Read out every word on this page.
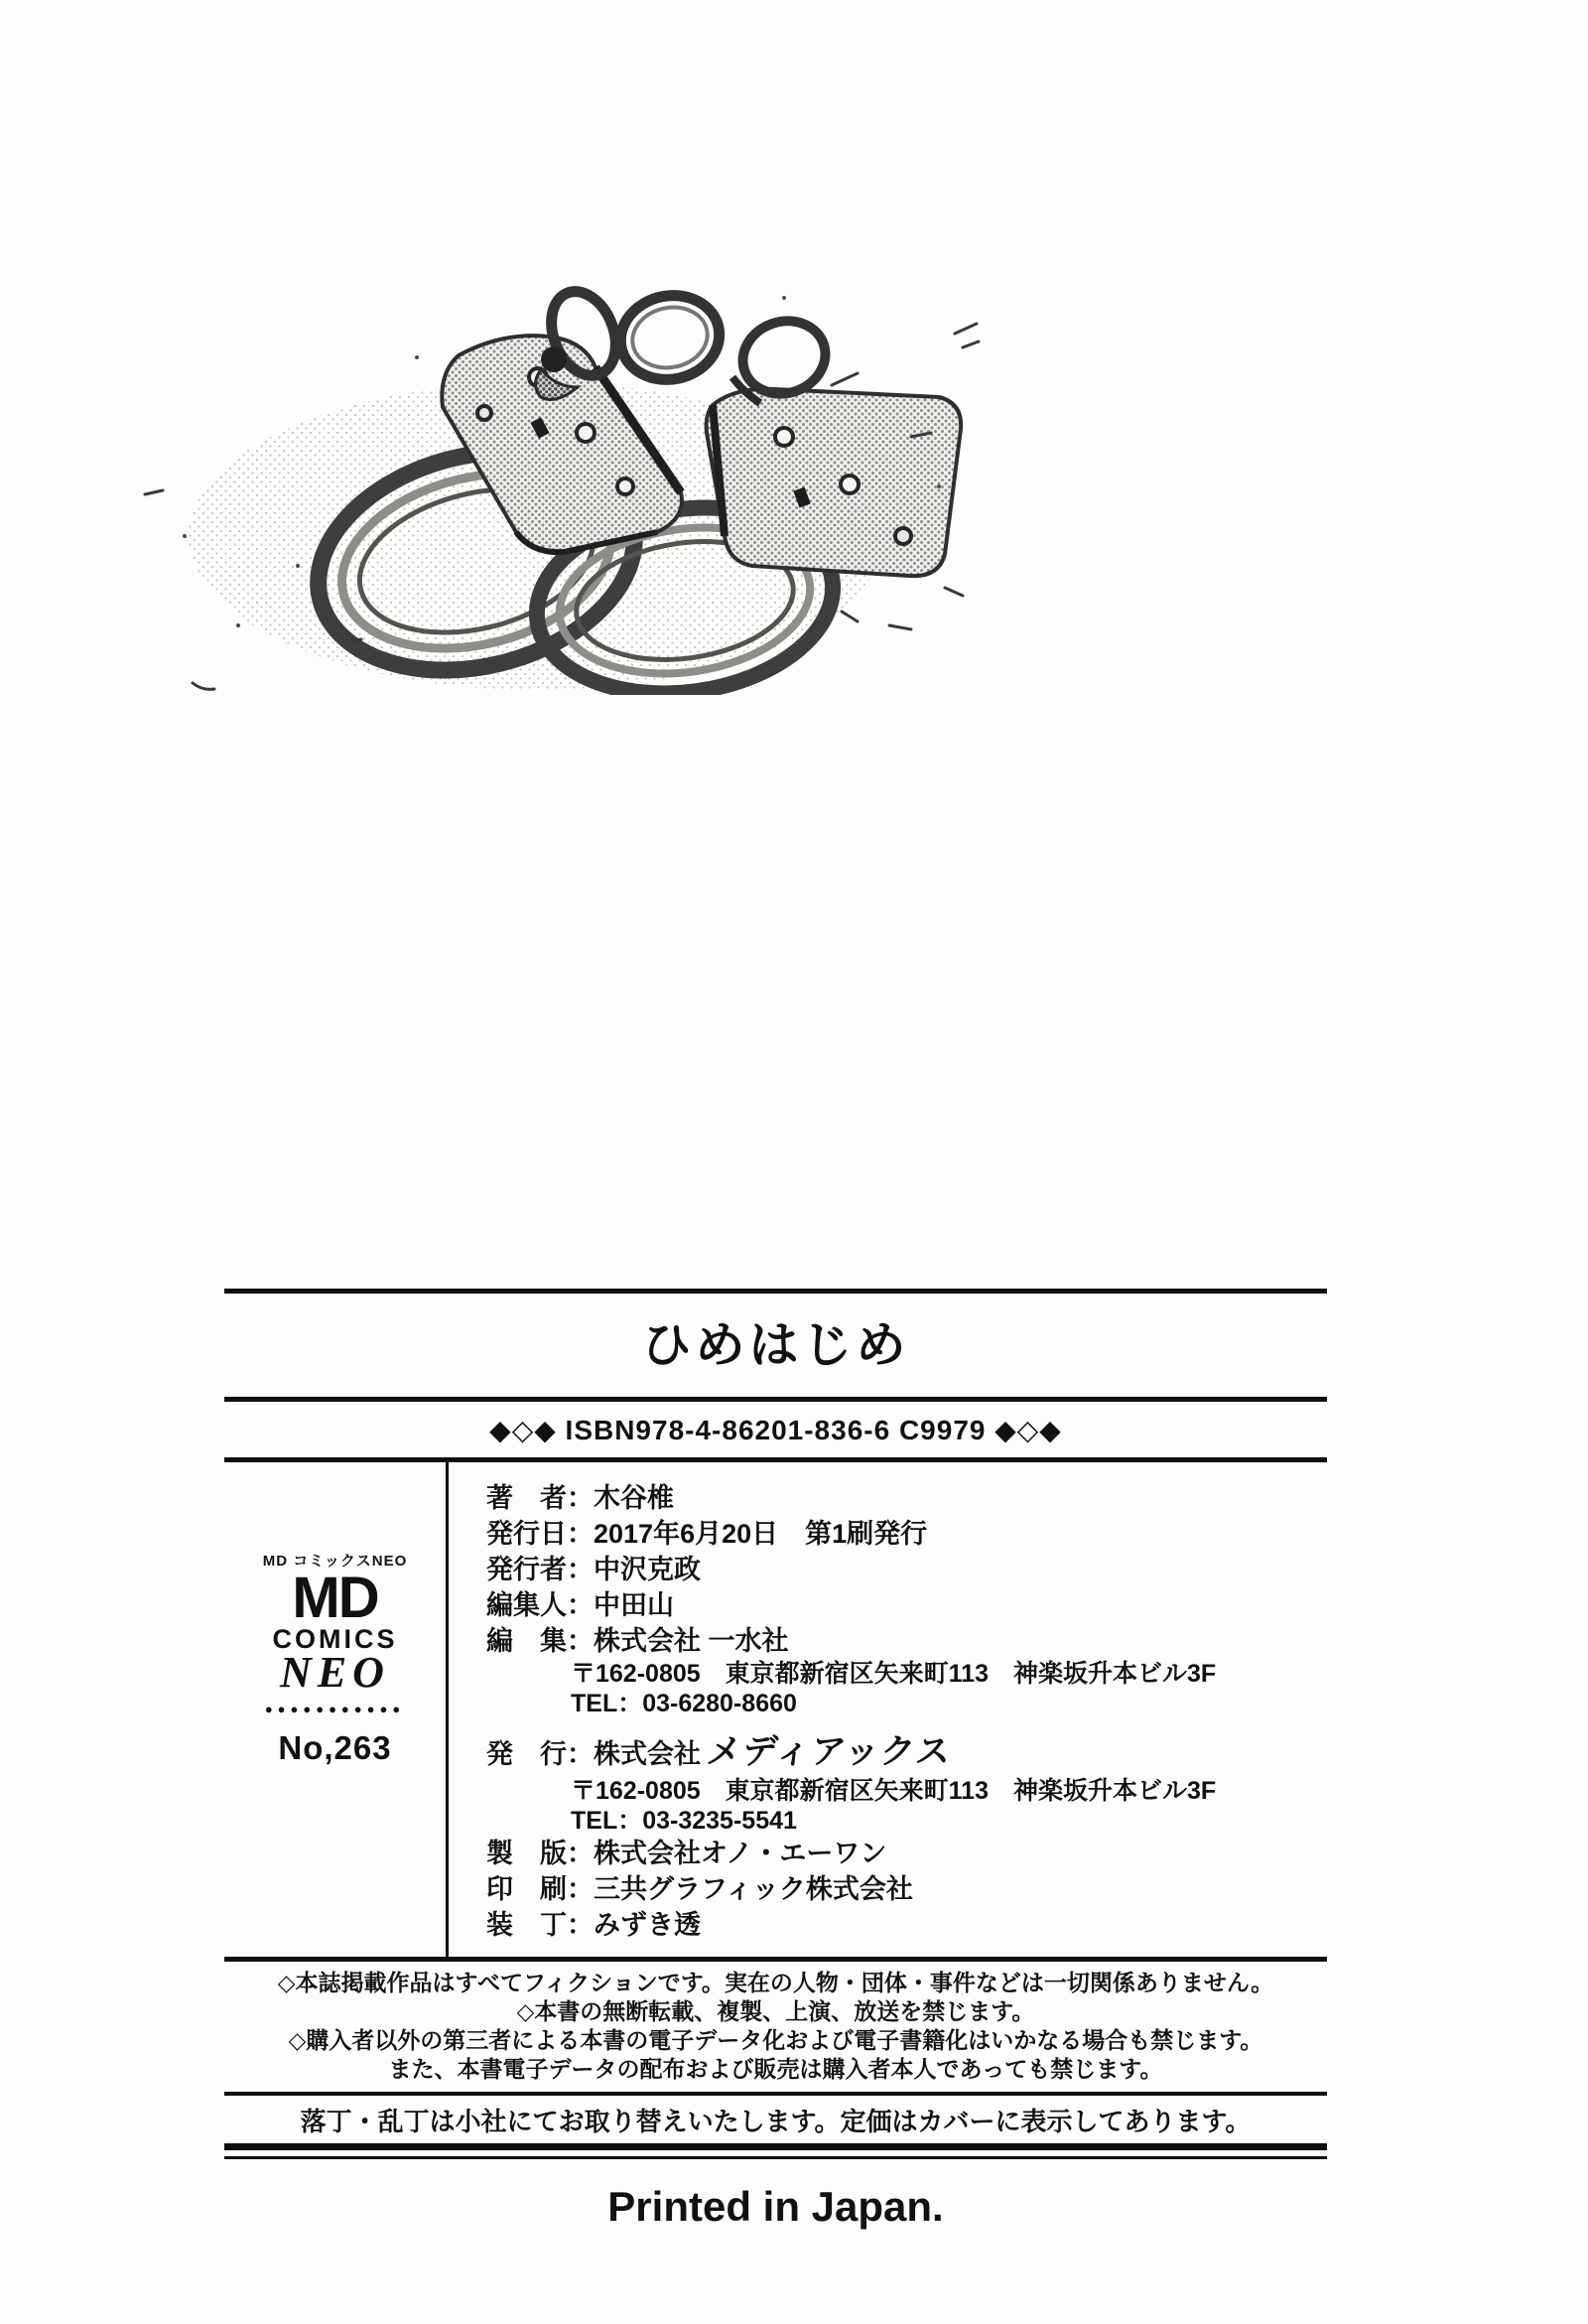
ひめはじめ
◆◇◆ ISBN978-4-86201-836-6 C9979 ◆◇◆
MD コミックスNEO
MD
COMICS
NEO
●●●●●●●●●●●
No,263
著　者：木谷椎
発行日：2017年6月20日　第1刷発行
発行者：中沢克政
編集人：中田山
編　集：株式会社 一水社
〒162-0805　東京都新宿区矢来町113　神楽坂升本ビル3F
TEL：03-6280-8660
発　行：株式会社 メディアックス
〒162-0805　東京都新宿区矢来町113　神楽坂升本ビル3F
TEL：03-3235-5541
製　版：株式会社オノ・エーワン
印　刷：三共グラフィック株式会社
装　丁：みずき透
◇本誌掲載作品はすべてフィクションです。実在の人物・団体・事件などは一切関係ありません。
◇本書の無断転載、複製、上演、放送を禁じます。
◇購入者以外の第三者による本書の電子データ化および電子書籍化はいかなる場合も禁じます。
また、本書電子データの配布および販売は購入者本人であっても禁じます。
落丁・乱丁は小社にてお取り替えいたします。定価はカバーに表示してあります。
Printed in Japan.
